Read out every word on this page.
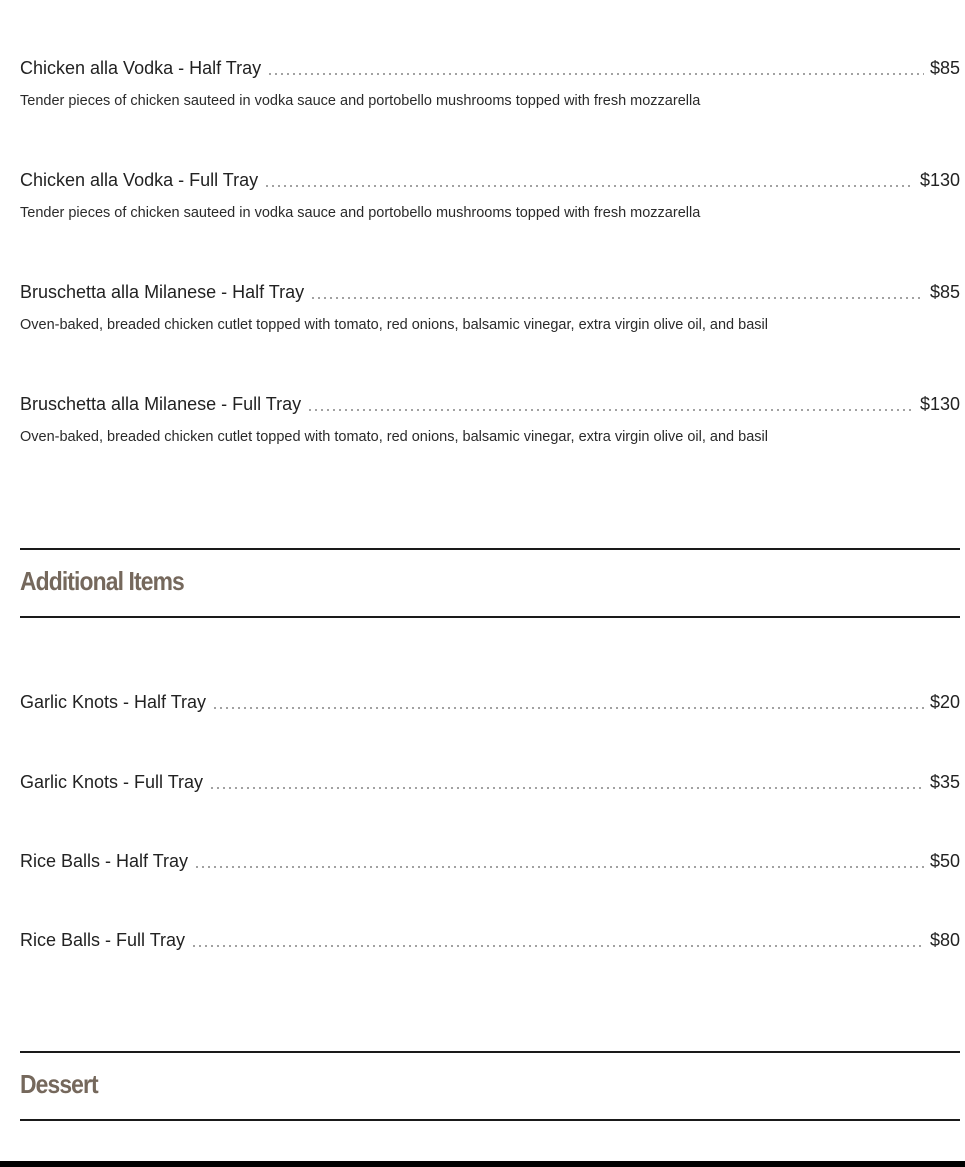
Chicken alla Vodka - Half Tray	$85
Tender pieces of chicken sauteed in vodka sauce and portobello mushrooms topped with fresh mozzarella
Chicken alla Vodka - Full Tray	$130
Tender pieces of chicken sauteed in vodka sauce and portobello mushrooms topped with fresh mozzarella
Bruschetta alla Milanese - Half Tray	$85
Oven-baked, breaded chicken cutlet topped with tomato, red onions, balsamic vinegar, extra virgin olive oil, and basil
Bruschetta alla Milanese - Full Tray	$130
Oven-baked, breaded chicken cutlet topped with tomato, red onions, balsamic vinegar, extra virgin olive oil, and basil
Additional Items
Garlic Knots - Half Tray	$20
Garlic Knots - Full Tray	$35
Rice Balls - Half Tray	$50
Rice Balls - Full Tray	$80
Dessert
